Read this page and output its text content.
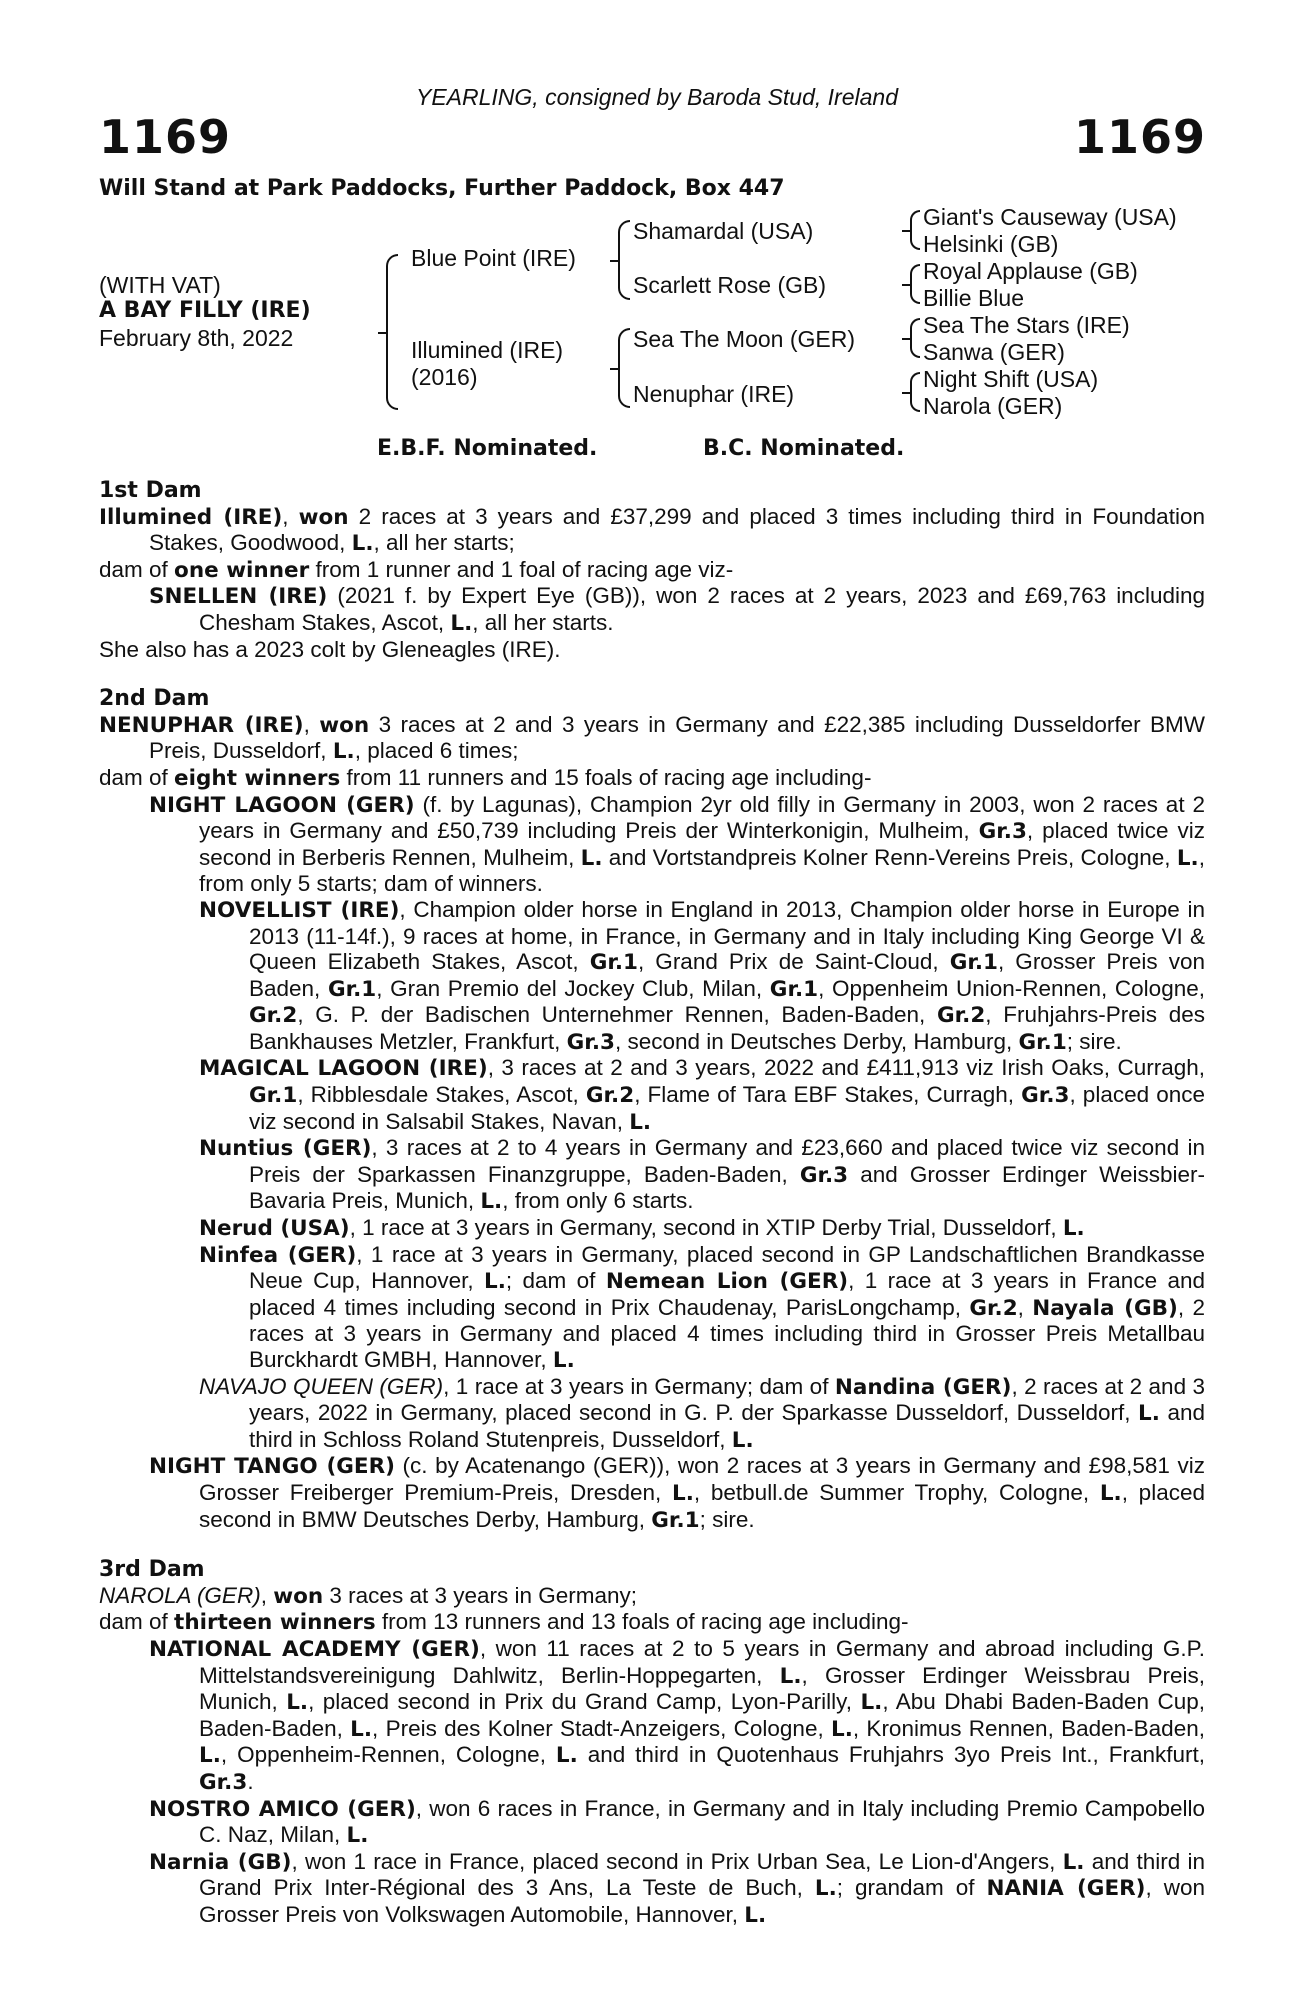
YEARLING, consigned by Baroda Stud, Ireland
1169	1169
Will Stand at Park Paddocks, Further Paddock, Box 447
(WITH VAT)
A BAY FILLY (IRE)
February 8th, 2022
Blue Point (IRE)
Illumined (IRE)
(2016)
Shamardal (USA)
Scarlett Rose (GB)
Sea The Moon (GER)
Nenuphar (IRE)
Giant's Causeway (USA)
Helsinki (GB)
Royal Applause (GB)
Billie Blue
Sea The Stars (IRE)
Sanwa (GER)
Night Shift (USA)
Narola (GER)
E.B.F. Nominated.	B.C. Nominated.
1st Dam
Illumined (IRE), won 2 races at 3 years and £37,299 and placed 3 times including third in Foundation Stakes, Goodwood, L., all her starts;
dam of one winner from 1 runner and 1 foal of racing age viz-
SNELLEN (IRE) (2021 f. by Expert Eye (GB)), won 2 races at 2 years, 2023 and £69,763 including Chesham Stakes, Ascot, L., all her starts.
She also has a 2023 colt by Gleneagles (IRE).
2nd Dam
NENUPHAR (IRE), won 3 races at 2 and 3 years in Germany and £22,385 including Dusseldorfer BMW Preis, Dusseldorf, L., placed 6 times;
dam of eight winners from 11 runners and 15 foals of racing age including-
NIGHT LAGOON (GER) (f. by Lagunas), Champion 2yr old filly in Germany in 2003, won 2 races at 2 years in Germany and £50,739 including Preis der Winterkonigin, Mulheim, Gr.3, placed twice viz second in Berberis Rennen, Mulheim, L. and Vortstandpreis Kolner Renn-Vereins Preis, Cologne, L., from only 5 starts; dam of winners.
NOVELLIST (IRE), Champion older horse in England in 2013, Champion older horse in Europe in 2013 (11-14f.), 9 races at home, in France, in Germany and in Italy including King George VI & Queen Elizabeth Stakes, Ascot, Gr.1, Grand Prix de Saint-Cloud, Gr.1, Grosser Preis von Baden, Gr.1, Gran Premio del Jockey Club, Milan, Gr.1, Oppenheim Union-Rennen, Cologne, Gr.2, G. P. der Badischen Unternehmer Rennen, Baden-Baden, Gr.2, Fruhjahrs-Preis des Bankhauses Metzler, Frankfurt, Gr.3, second in Deutsches Derby, Hamburg, Gr.1; sire.
MAGICAL LAGOON (IRE), 3 races at 2 and 3 years, 2022 and £411,913 viz Irish Oaks, Curragh, Gr.1, Ribblesdale Stakes, Ascot, Gr.2, Flame of Tara EBF Stakes, Curragh, Gr.3, placed once viz second in Salsabil Stakes, Navan, L.
Nuntius (GER), 3 races at 2 to 4 years in Germany and £23,660 and placed twice viz second in Preis der Sparkassen Finanzgruppe, Baden-Baden, Gr.3 and Grosser Erdinger Weissbier-Bavaria Preis, Munich, L., from only 6 starts.
Nerud (USA), 1 race at 3 years in Germany, second in XTIP Derby Trial, Dusseldorf, L.
Ninfea (GER), 1 race at 3 years in Germany, placed second in GP Landschaftlichen Brandkasse Neue Cup, Hannover, L.; dam of Nemean Lion (GER), 1 race at 3 years in France and placed 4 times including second in Prix Chaudenay, ParisLongchamp, Gr.2, Nayala (GB), 2 races at 3 years in Germany and placed 4 times including third in Grosser Preis Metallbau Burckhardt GMBH, Hannover, L.
NAVAJO QUEEN (GER), 1 race at 3 years in Germany; dam of Nandina (GER), 2 races at 2 and 3 years, 2022 in Germany, placed second in G. P. der Sparkasse Dusseldorf, Dusseldorf, L. and third in Schloss Roland Stutenpreis, Dusseldorf, L.
NIGHT TANGO (GER) (c. by Acatenango (GER)), won 2 races at 3 years in Germany and £98,581 viz Grosser Freiberger Premium-Preis, Dresden, L., betbull.de Summer Trophy, Cologne, L., placed second in BMW Deutsches Derby, Hamburg, Gr.1; sire.
3rd Dam
NAROLA (GER), won 3 races at 3 years in Germany;
dam of thirteen winners from 13 runners and 13 foals of racing age including-
NATIONAL ACADEMY (GER), won 11 races at 2 to 5 years in Germany and abroad including G.P. Mittelstandsvereinigung Dahlwitz, Berlin-Hoppegarten, L., Grosser Erdinger Weissbrau Preis, Munich, L., placed second in Prix du Grand Camp, Lyon-Parilly, L., Abu Dhabi Baden-Baden Cup, Baden-Baden, L., Preis des Kolner Stadt-Anzeigers, Cologne, L., Kronimus Rennen, Baden-Baden, L., Oppenheim-Rennen, Cologne, L. and third in Quotenhaus Fruhjahrs 3yo Preis Int., Frankfurt, Gr.3.
NOSTRO AMICO (GER), won 6 races in France, in Germany and in Italy including Premio Campobello C. Naz, Milan, L.
Narnia (GB), won 1 race in France, placed second in Prix Urban Sea, Le Lion-d'Angers, L. and third in Grand Prix Inter-Régional des 3 Ans, La Teste de Buch, L.; grandam of NANIA (GER), won Grosser Preis von Volkswagen Automobile, Hannover, L.
